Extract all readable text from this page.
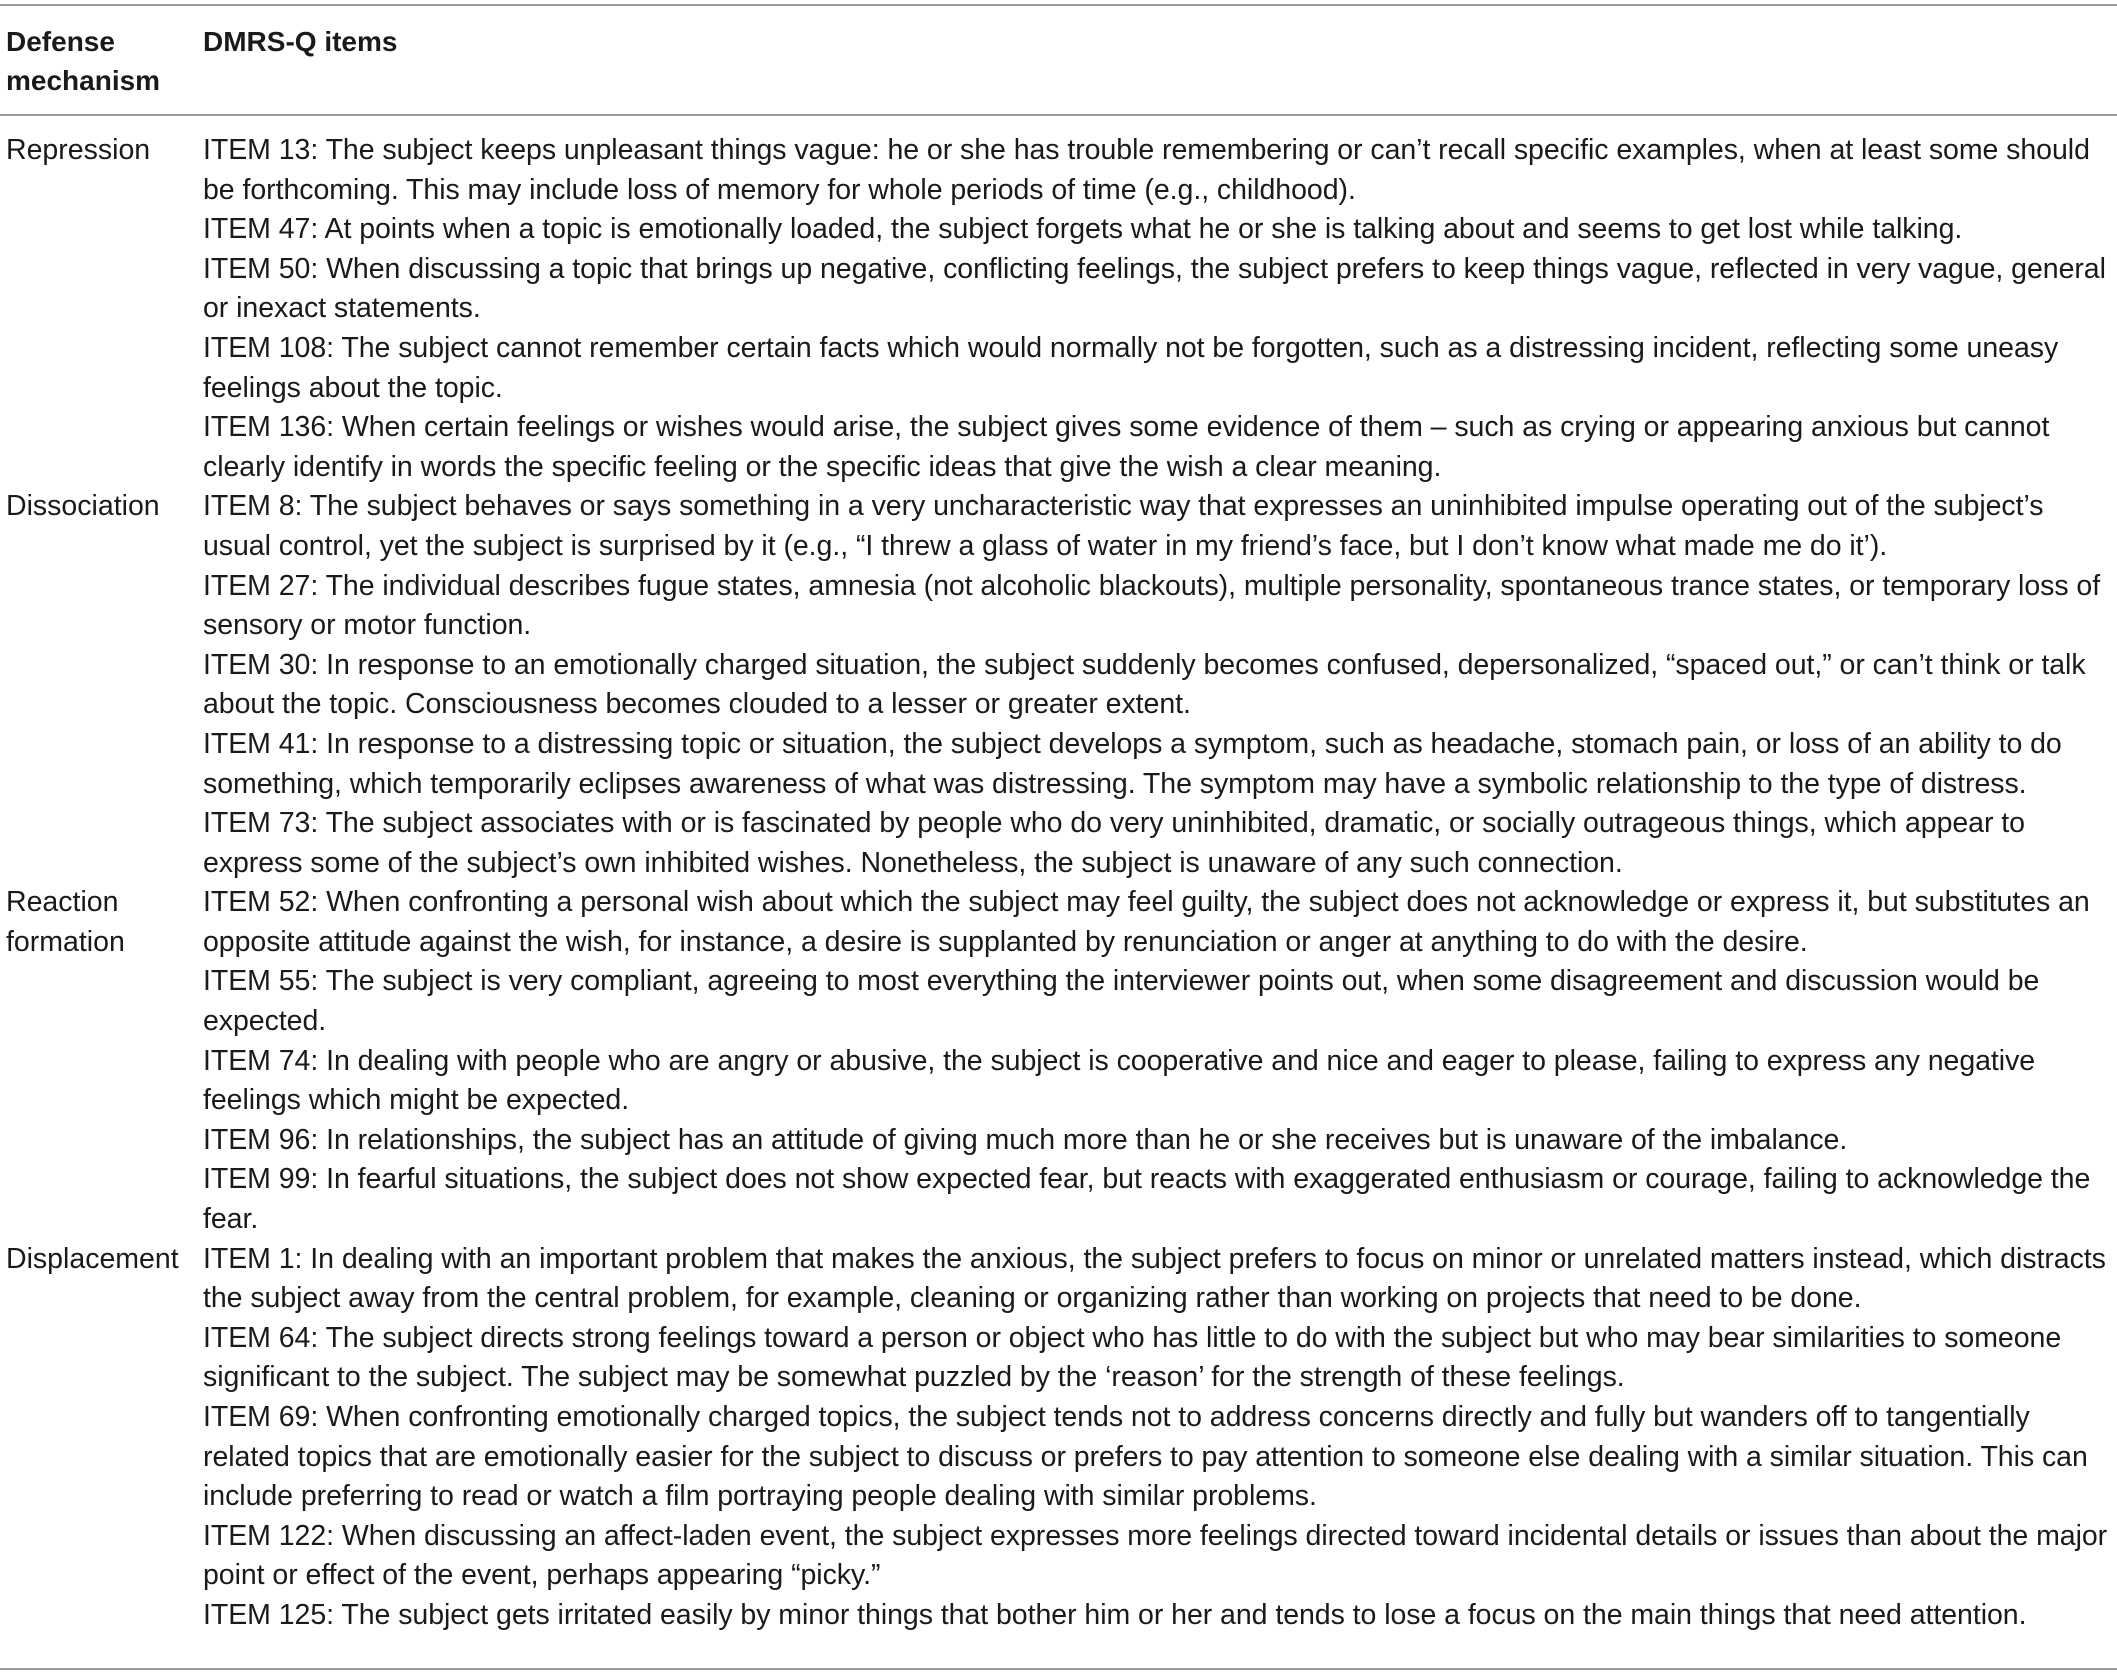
Defense mechanism
DMRS-Q items
Repression	ITEM 13: The subject keeps unpleasant things vague: he or she has trouble remembering or can’t recall specific examples, when at least some should be forthcoming. This may include loss of memory for whole periods of time (e.g., childhood).

ITEM 47: At points when a topic is emotionally loaded, the subject forgets what he or she is talking about and seems to get lost while talking.

ITEM 50: When discussing a topic that brings up negative, conflicting feelings, the subject prefers to keep things vague, reflected in very vague, general or inexact statements.

ITEM 108: The subject cannot remember certain facts which would normally not be forgotten, such as a distressing incident, reflecting some uneasy feelings about the topic.

ITEM 136: When certain feelings or wishes would arise, the subject gives some evidence of them – such as crying or appearing anxious but cannot clearly identify in words the specific feeling or the specific ideas that give the wish a clear meaning.

Dissociation	ITEM 8: The subject behaves or says something in a very uncharacteristic way that expresses an uninhibited impulse operating out of the subject’s usual control, yet the subject is surprised by it (e.g., “I threw a glass of water in my friend’s face, but I don’t know what made me do it’).

ITEM 27: The individual describes fugue states, amnesia (not alcoholic blackouts), multiple personality, spontaneous trance states, or temporary loss of sensory or motor function.

ITEM 30: In response to an emotionally charged situation, the subject suddenly becomes confused, depersonalized, “spaced out,” or can’t think or talk about the topic. Consciousness becomes clouded to a lesser or greater extent.

ITEM 41: In response to a distressing topic or situation, the subject develops a symptom, such as headache, stomach pain, or loss of an ability to do something, which temporarily eclipses awareness of what was distressing. The symptom may have a symbolic relationship to the type of distress.

ITEM 73: The subject associates with or is fascinated by people who do very uninhibited, dramatic, or socially outrageous things, which appear to express some of the subject’s own inhibited wishes. Nonetheless, the subject is unaware of any such connection.

Reaction
formation

ITEM 52: When confronting a personal wish about which the subject may feel guilty, the subject does not acknowledge or express it, but substitutes an opposite attitude against the wish, for instance, a desire is supplanted by renunciation or anger at anything to do with the desire.

ITEM 55: The subject is very compliant, agreeing to most everything the interviewer points out, when some disagreement and discussion would be expected.

ITEM 74: In dealing with people who are angry or abusive, the subject is cooperative and nice and eager to please, failing to express any negative feelings which might be expected.

ITEM 96: In relationships, the subject has an attitude of giving much more than he or she receives but is unaware of the imbalance.

ITEM 99: In fearful situations, the subject does not show expected fear, but reacts with exaggerated enthusiasm or courage, failing to acknowledge the fear.

Displacement ITEM 1: In dealing with an important problem that makes the anxious, the subject prefers to focus on minor or unrelated matters instead, which distracts the subject away from the central problem, for example, cleaning or organizing rather than working on projects that need to be done.

ITEM 64: The subject directs strong feelings toward a person or object who has little to do with the subject but who may bear similarities to someone significant to the subject. The subject may be somewhat puzzled by the ‘reason’ for the strength of these feelings.

ITEM 69: When confronting emotionally charged topics, the subject tends not to address concerns directly and fully but wanders off to tangentially related topics that are emotionally easier for the subject to discuss or prefers to pay attention to someone else dealing with a similar situation. This can include preferring to read or watch a film portraying people dealing with similar problems.

ITEM 122: When discussing an affect-laden event, the subject expresses more feelings directed toward incidental details or issues than about the major point or effect of the event, perhaps appearing “picky.”

ITEM 125: The subject gets irritated easily by minor things that bother him or her and tends to lose a focus on the main things that need attention.
